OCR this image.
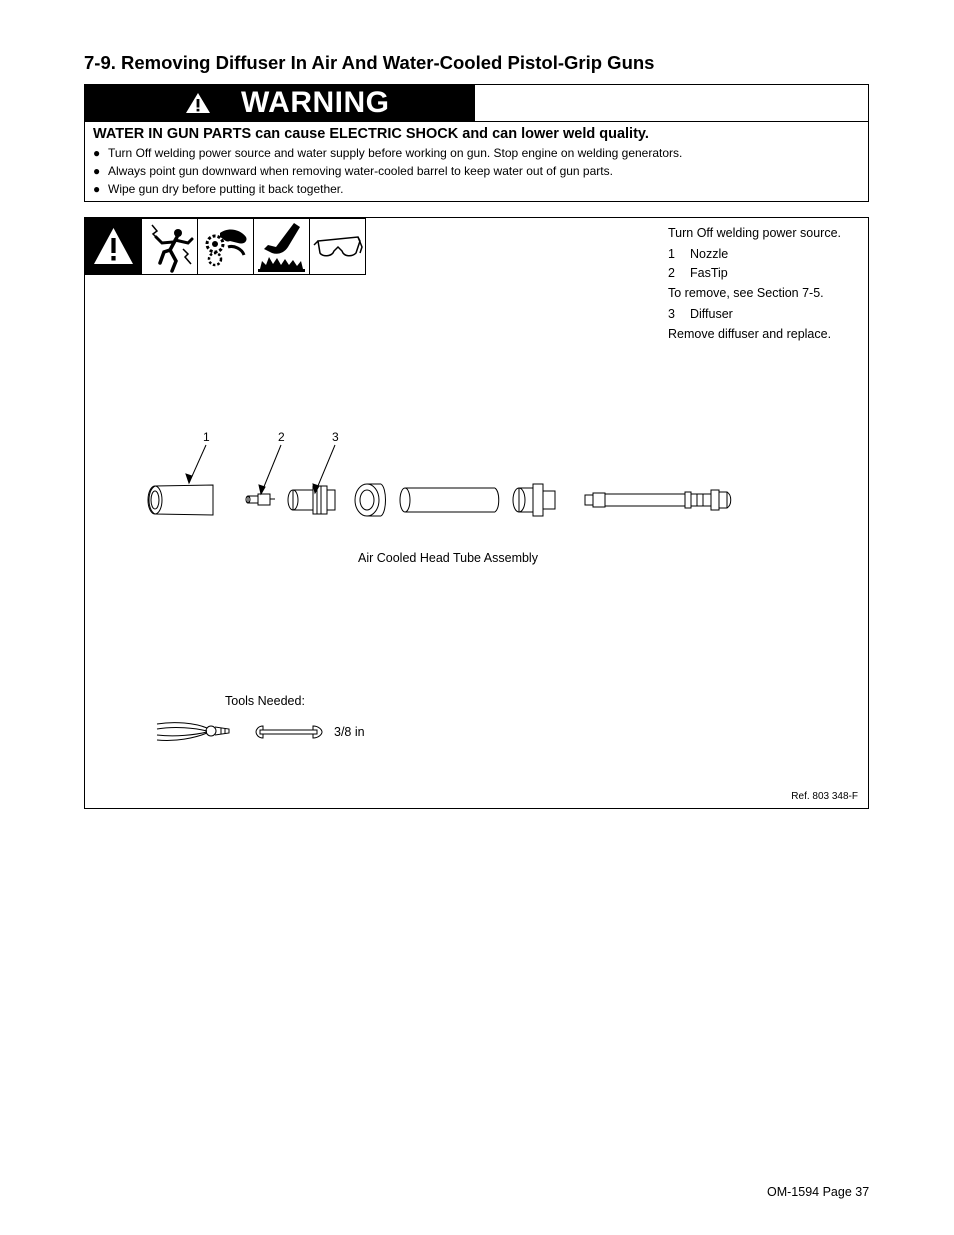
7-9. Removing Diffuser In Air And Water-Cooled Pistol-Grip Guns
WARNING
WATER IN GUN PARTS can cause ELECTRIC SHOCK and can lower weld quality.
● Turn Off welding power source and water supply before working on gun. Stop engine on welding generators.
● Always point gun downward when removing water-cooled barrel to keep water out of gun parts.
● Wipe gun dry before putting it back together.
Turn Off welding power source.
1 Nozzle
2 FasTip
To remove, see Section 7-5.
3 Diffuser
Remove diffuser and replace.
1	2	3
Air Cooled Head Tube Assembly
Tools Needed:
3/8 in
Ref. 803 348-F
OM-1594 Page 37
